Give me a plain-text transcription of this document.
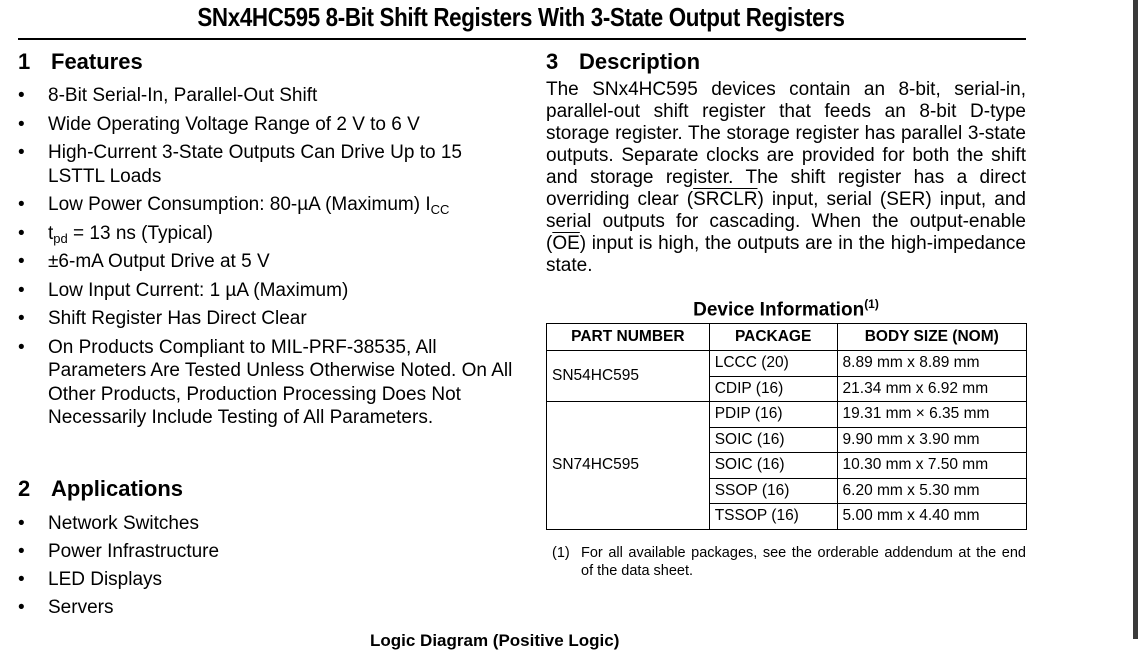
SNx4HC595 8-Bit Shift Registers With 3-State Output Registers
1 Features
• 8-Bit Serial-In, Parallel-Out Shift
• Wide Operating Voltage Range of 2 V to 6 V
• High-Current 3-State Outputs Can Drive Up to 15 LSTTL Loads
• Low Power Consumption: 80-µA (Maximum) $I_{CC}$
• $t_{pd} = 13$ ns (Typical)
• ±6-mA Output Drive at 5 V
• Low Input Current: 1 µA (Maximum)
• Shift Register Has Direct Clear
• On Products Compliant to MIL-PRF-38535, All Parameters Are Tested Unless Otherwise Noted. On All Other Products, Production Processing Does Not Necessarily Include Testing of All Parameters.
2 Applications
• Network Switches
• Power Infrastructure
• LED Displays
• Servers
3 Description
The SNx4HC595 devices contain an 8-bit, serial-in, parallel-out shift register that feeds an 8-bit D-type storage register. The storage register has parallel 3-state outputs. Separate clocks are provided for both the shift and storage register. The shift register has a direct overriding clear (SRCLR) input, serial (SER) input, and serial outputs for cascading. When the output-enable $(\overline{OE})$ input is high, the outputs are in the high-impedance state.
Device Information$^{(1)}$
PART NUMBER	PACKAGE	BODY SIZE (NOM)
SN54HC595	LCCC (20)	8.89 mm x 8.89 mm
	CDIP (16)	21.34 mm x 6.92 mm
SN74HC595	PDIP (16)	19.31 mm × 6.35 mm
	SOIC (16)	9.90 mm x 3.90 mm
	SOIC (16)	10.30 mm x 7.50 mm
	SSOP (16)	6.20 mm x 5.30 mm
	TSSOP (16)	5.00 mm x 4.40 mm
(1) For all available packages, see the orderable addendum at the end of the data sheet.
Logic Diagram (Positive Logic)
